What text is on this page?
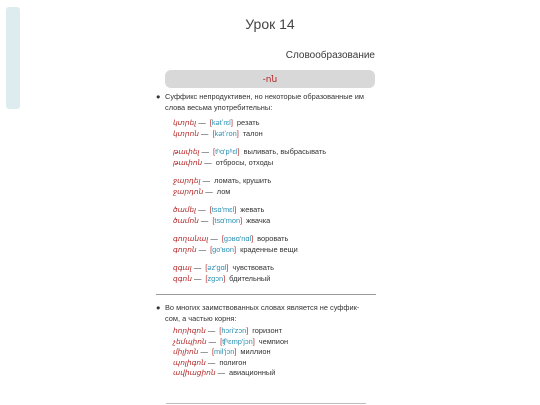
Урок 14
Словообразование
-ոն
● Суффикс непродуктивен, но некоторые образованные им
слова весьма употребительны:
կտրել — [kətʼɾɛl] резать
կտրոն — [kətʼɾon] талон
թափել — [tʰɑ'pʰɛl] выливать, выбрасывать
թափոն — отбросы, отходы
ջարդել — ломать, крушить
ջարդոն — лом
ծամել — [tsɑ'mɛl] жевать
ծամոն — [tsɑ'mon] жвачка
գողանալ — [gɔʁɑ'nɑl] воровать
գողոն — [go'ʁon] краденные вещи
զգալ — [əz'gɑl] чувствовать
զգոն — [zgɔn] бдительный
● Во многих заимствованных словах является не суффик-
сом, а частью корня:
հորիզոն — [hɔɾi'zɔn] горизонт
չեմպիոն — [ʧʰɛmp'jɔn] чемпион
միլիոն — [mil'jɔn] миллион
պոլիգոն — полигон
ավիացիոն — авиационный
